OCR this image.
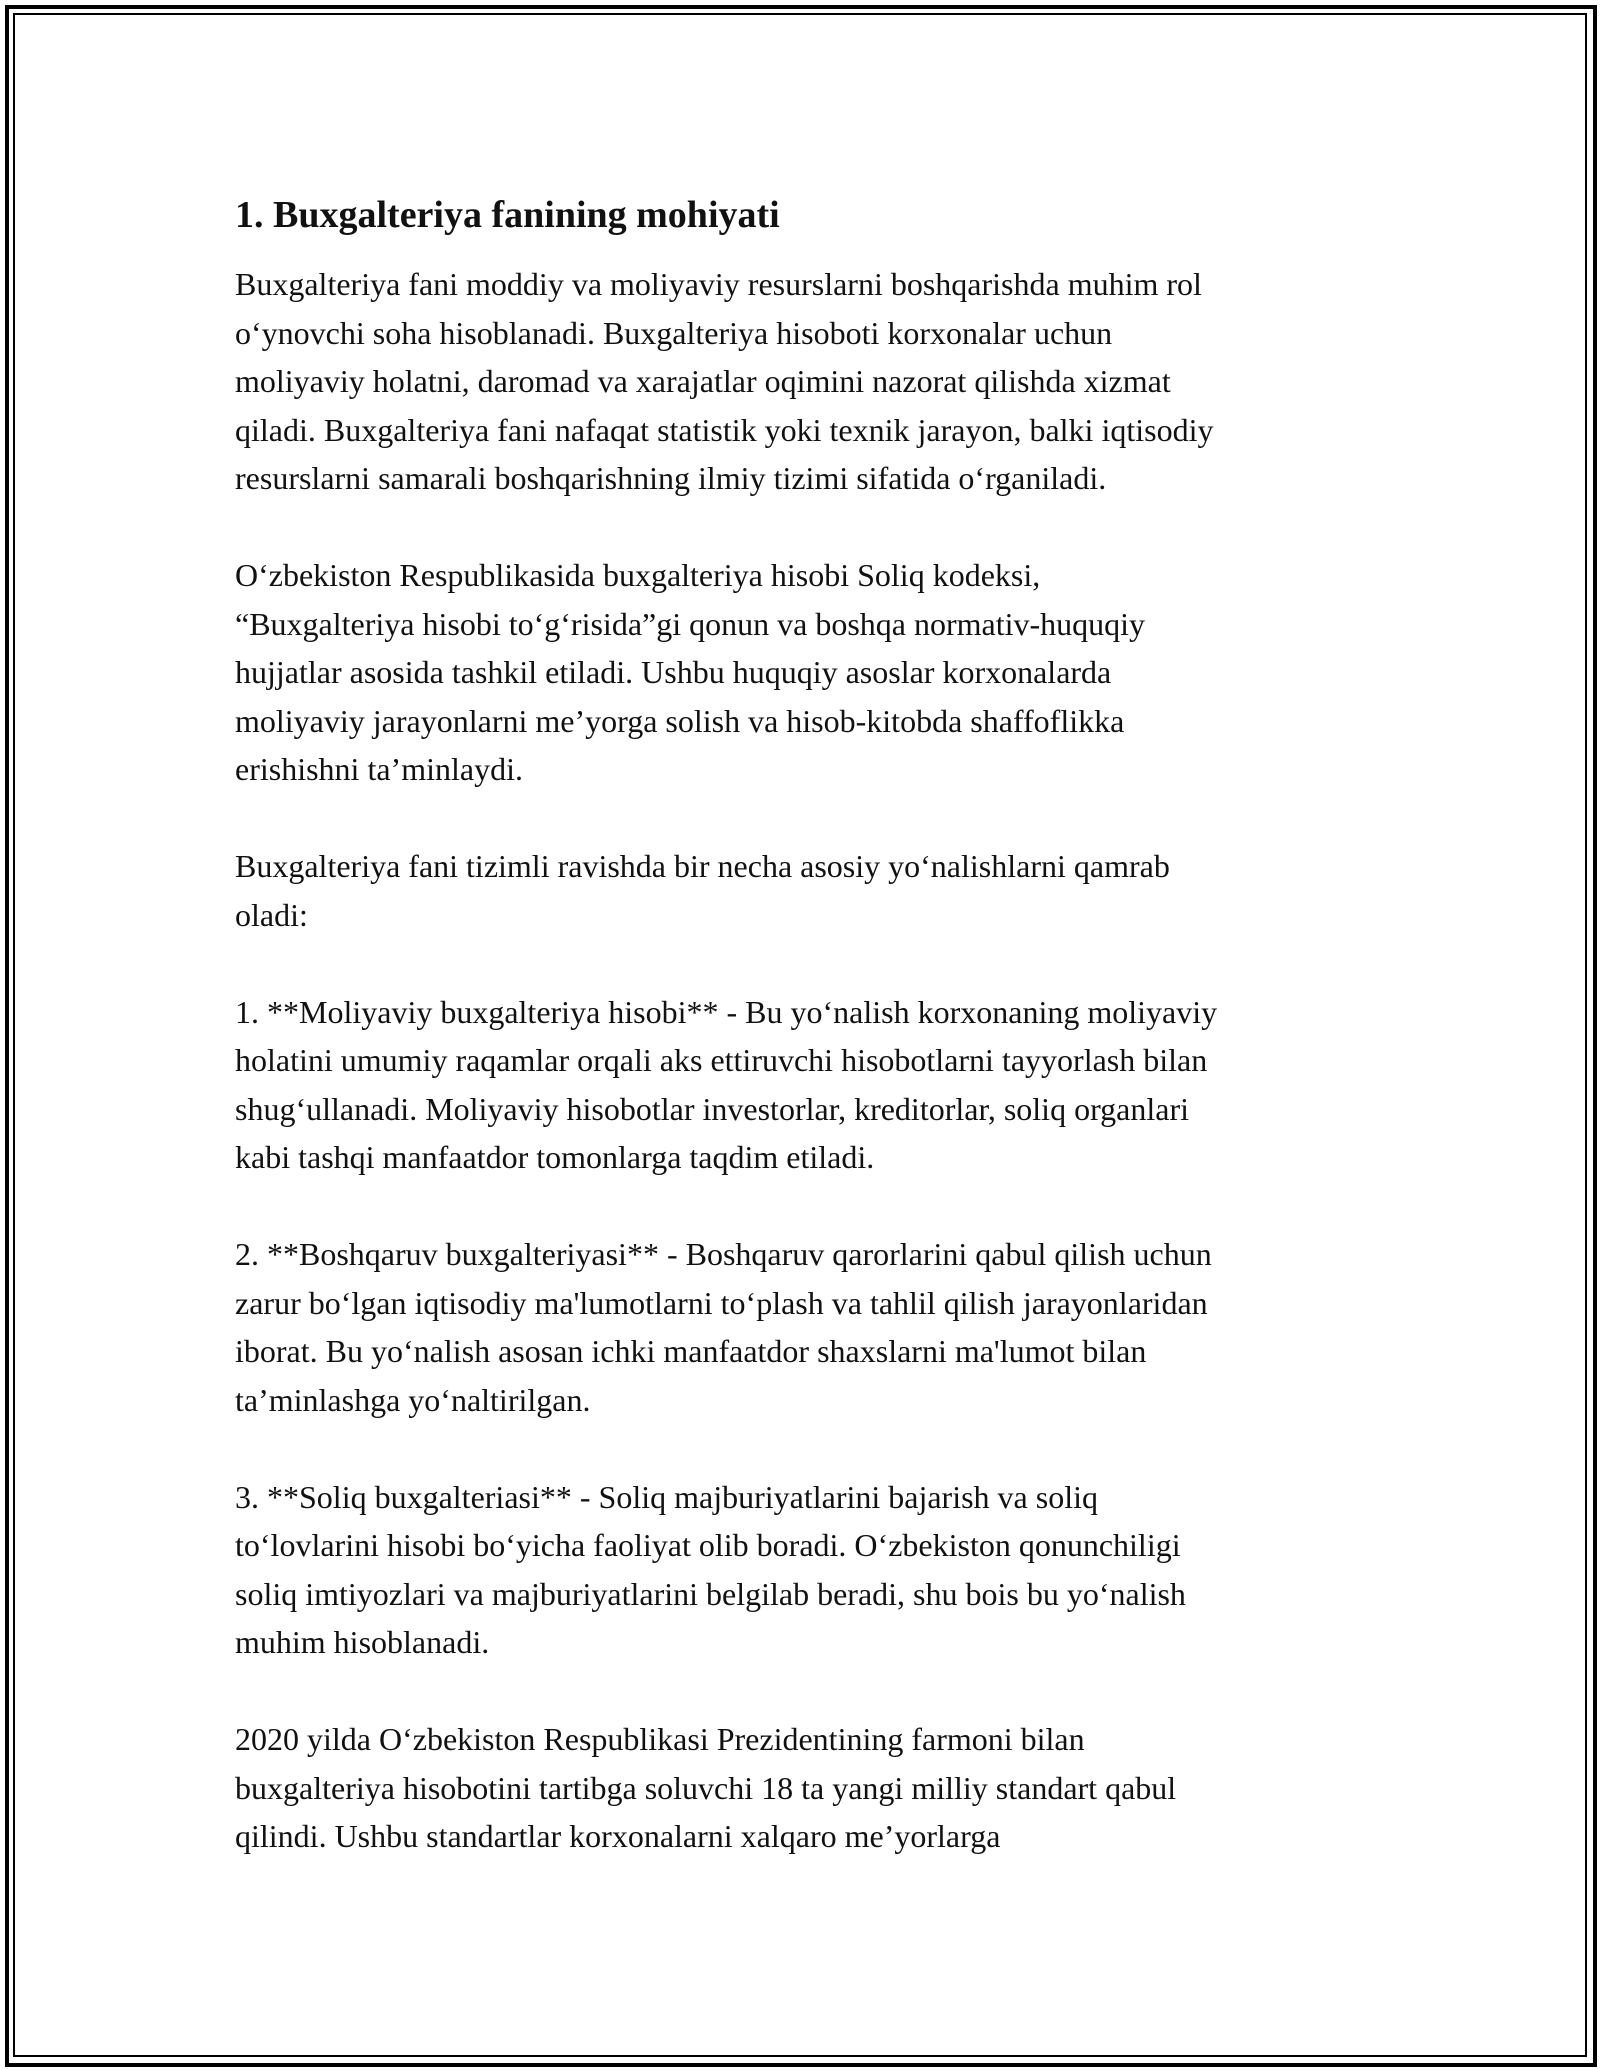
1. Buxgalteriya fanining mohiyati

Buxgalteriya fani moddiy va moliyaviy resurslarni boshqarishda muhim rol
o‘ynovchi soha hisoblanadi. Buxgalteriya hisoboti korxonalar uchun
moliyaviy holatni, daromad va xarajatlar oqimini nazorat qilishda xizmat
qiladi. Buxgalteriya fani nafaqat statistik yoki texnik jarayon, balki iqtisodiy
resurslarni samarali boshqarishning ilmiy tizimi sifatida o‘rganiladi.

O‘zbekiston Respublikasida buxgalteriya hisobi Soliq kodeksi,
“Buxgalteriya hisobi to‘g‘risida”gi qonun va boshqa normativ-huquqiy
hujjatlar asosida tashkil etiladi. Ushbu huquqiy asoslar korxonalarda
moliyaviy jarayonlarni me’yorga solish va hisob-kitobda shaffoflikka
erishishni ta’minlaydi.

Buxgalteriya fani tizimli ravishda bir necha asosiy yo‘nalishlarni qamrab
oladi:

1. **Moliyaviy buxgalteriya hisobi** - Bu yo‘nalish korxonaning moliyaviy
holatini umumiy raqamlar orqali aks ettiruvchi hisobotlarni tayyorlash bilan
shug‘ullanadi. Moliyaviy hisobotlar investorlar, kreditorlar, soliq organlari
kabi tashqi manfaatdor tomonlarga taqdim etiladi.

2. **Boshqaruv buxgalteriyasi** - Boshqaruv qarorlarini qabul qilish uchun
zarur bo‘lgan iqtisodiy ma'lumotlarni to‘plash va tahlil qilish jarayonlaridan
iborat. Bu yo‘nalish asosan ichki manfaatdor shaxslarni ma'lumot bilan
ta’minlashga yo‘naltirilgan.

3. **Soliq buxgalteriasi** - Soliq majburiyatlarini bajarish va soliq
to‘lovlarini hisobi bo‘yicha faoliyat olib boradi. O‘zbekiston qonunchiligi
soliq imtiyozlari va majburiyatlarini belgilab beradi, shu bois bu yo‘nalish
muhim hisoblanadi.

2020 yilda O‘zbekiston Respublikasi Prezidentining farmoni bilan
buxgalteriya hisobotini tartibga soluvchi 18 ta yangi milliy standart qabul
qilindi. Ushbu standartlar korxonalarni xalqaro me’yorlarga
